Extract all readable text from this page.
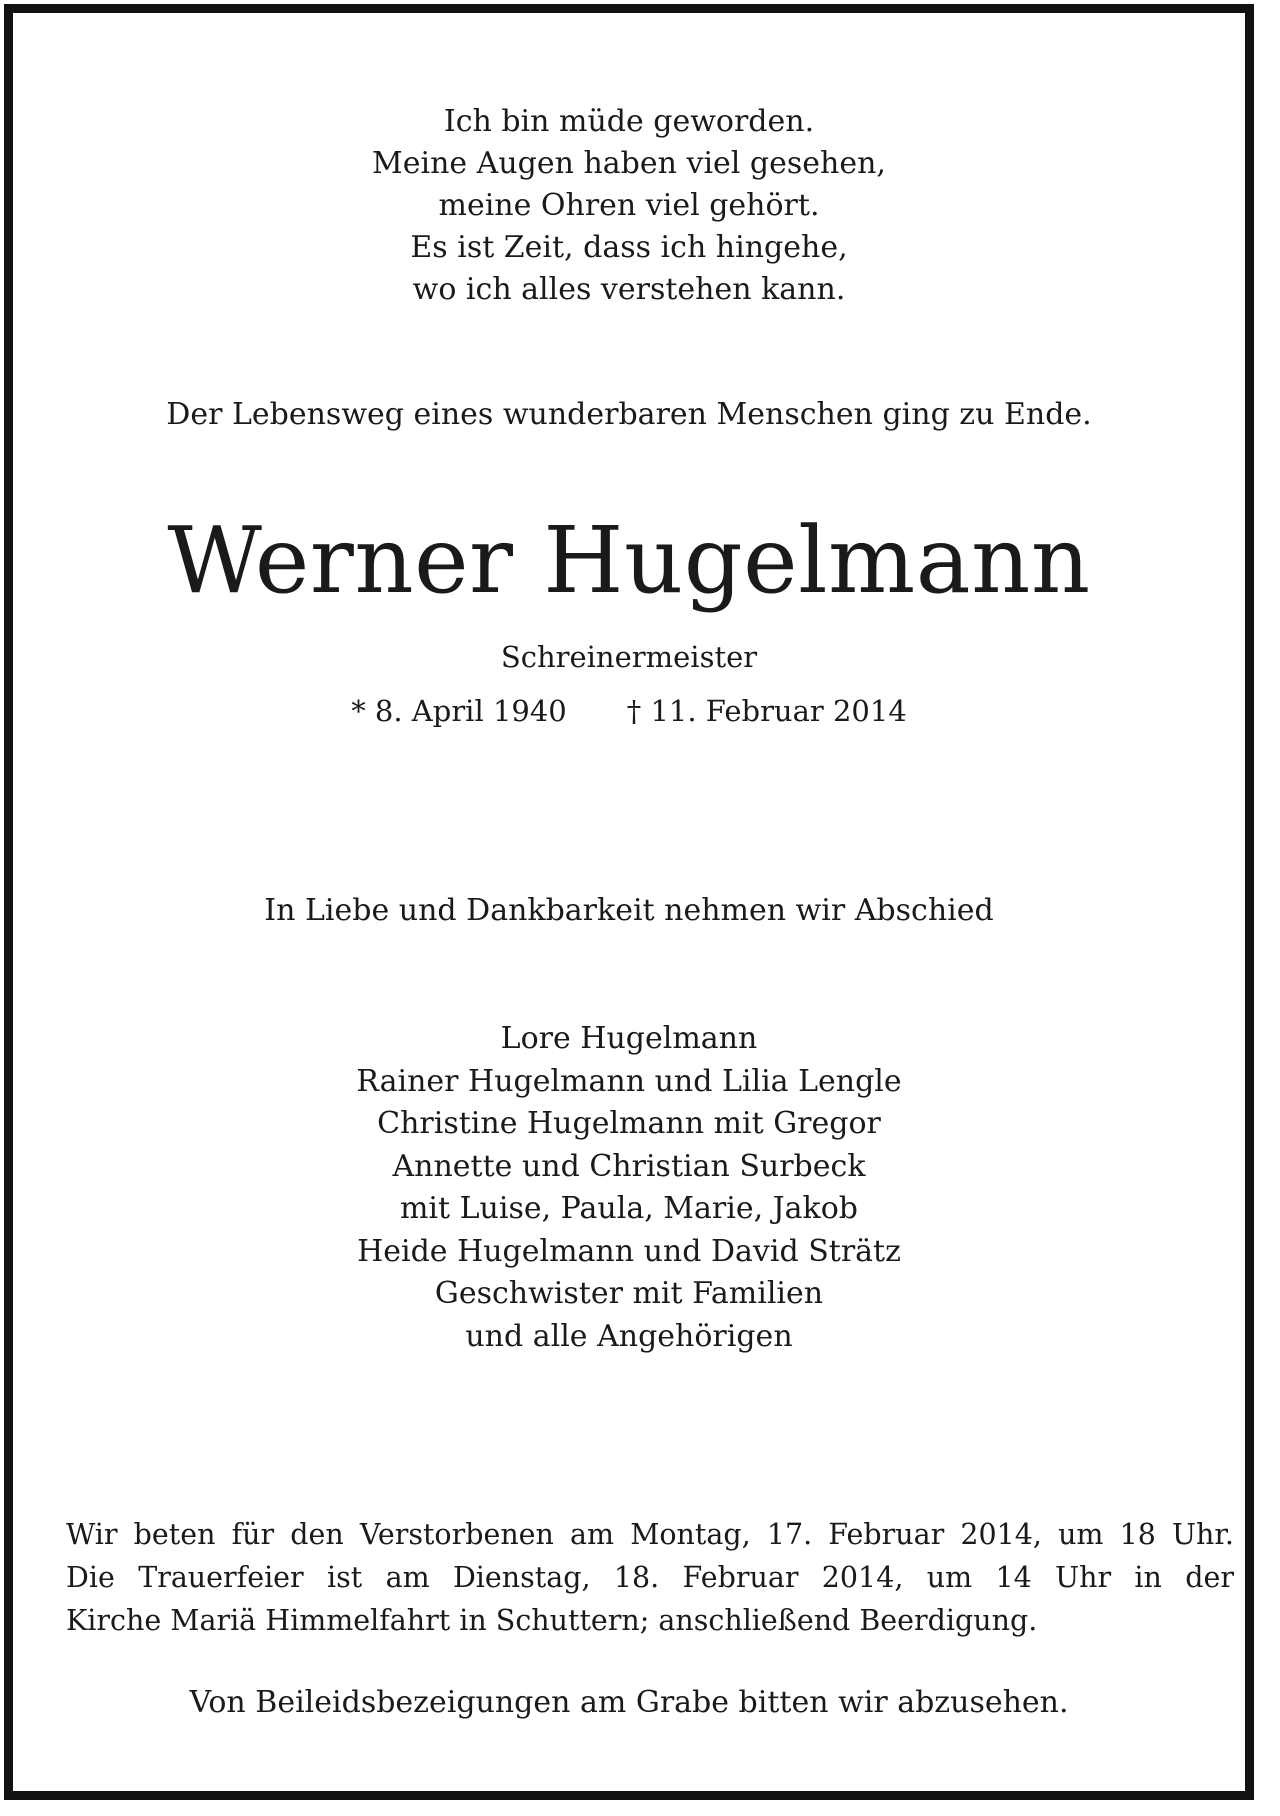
Ich bin müde geworden.
Meine Augen haben viel gesehen,
meine Ohren viel gehört.
Es ist Zeit, dass ich hingehe,
wo ich alles verstehen kann.
Der Lebensweg eines wunderbaren Menschen ging zu Ende.
Werner Hugelmann
Schreinermeister
* 8. April 1940 † 11. Februar 2014
In Liebe und Dankbarkeit nehmen wir Abschied
Lore Hugelmann
Rainer Hugelmann und Lilia Lengle
Christine Hugelmann mit Gregor
Annette und Christian Surbeck
mit Luise, Paula, Marie, Jakob
Heide Hugelmann und David Strätz
Geschwister mit Familien
und alle Angehörigen
Wir beten für den Verstorbenen am Montag, 17. Februar 2014, um 18 Uhr.
Die Trauerfeier ist am Dienstag, 18. Februar 2014, um 14 Uhr in der
Kirche Mariä Himmelfahrt in Schuttern; anschließend Beerdigung.
Von Beileidsbezeigungen am Grabe bitten wir abzusehen.
